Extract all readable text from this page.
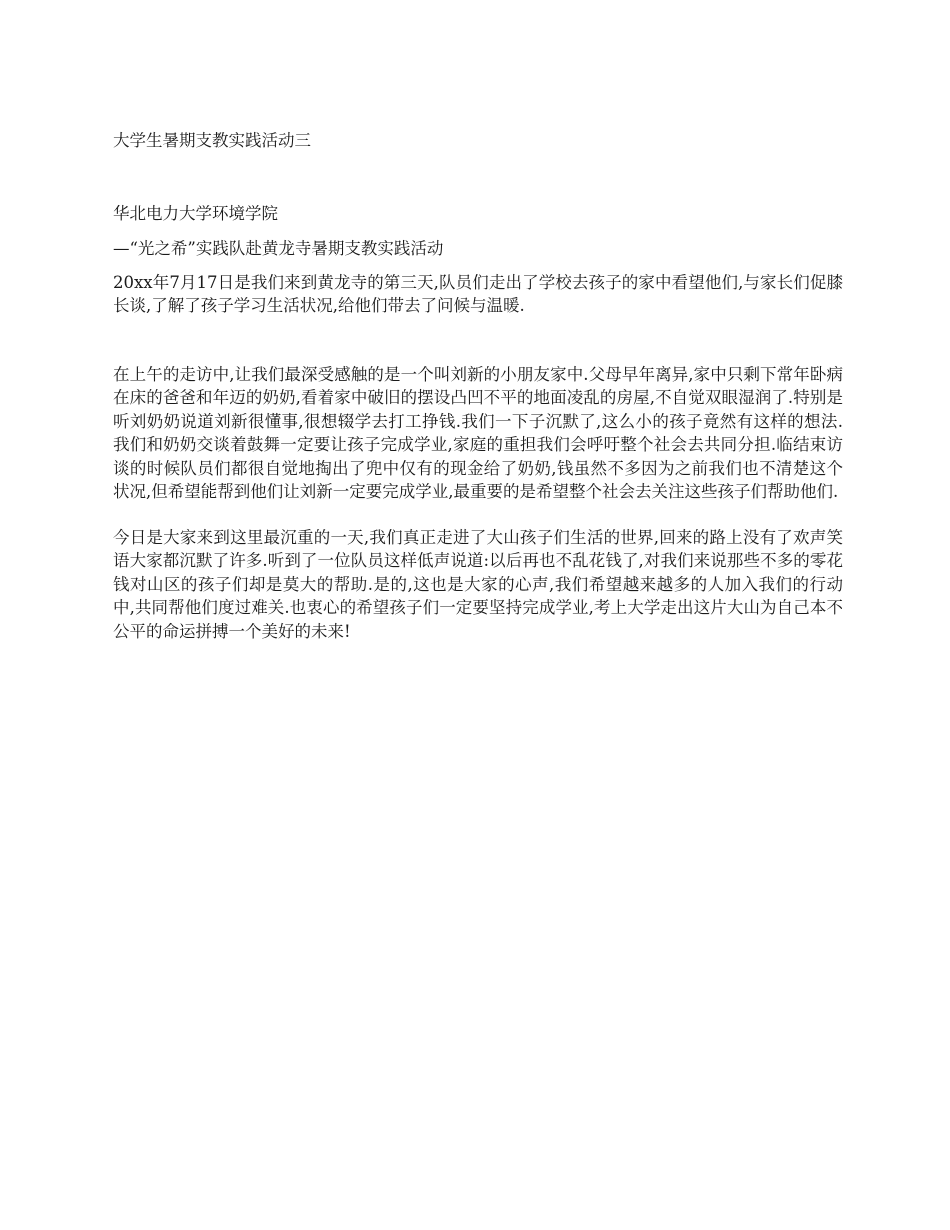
大学生暑期支教实践活动三
华北电力大学环境学院
—“光之希”实践队赴黄龙寺暑期支教实践活动
20xx年7月17日是我们来到黄龙寺的第三天,队员们走出了学校去孩子的家中看望他们,与家长们促膝长谈,了解了孩子学习生活状况,给他们带去了问候与温暖.
在上午的走访中,让我们最深受感触的是一个叫刘新的小朋友家中.父母早年离异,家中只剩下常年卧病在床的爸爸和年迈的奶奶,看着家中破旧的摆设凸凹不平的地面凌乱的房屋,不自觉双眼湿润了.特别是听刘奶奶说道刘新很懂事,很想辍学去打工挣钱.我们一下子沉默了,这么小的孩子竟然有这样的想法.我们和奶奶交谈着鼓舞一定要让孩子完成学业,家庭的重担我们会呼吁整个社会去共同分担.临结束访谈的时候队员们都很自觉地掏出了兜中仅有的现金给了奶奶,钱虽然不多因为之前我们也不清楚这个状况,但希望能帮到他们让刘新一定要完成学业,最重要的是希望整个社会去关注这些孩子们帮助他们.
今日是大家来到这里最沉重的一天,我们真正走进了大山孩子们生活的世界,回来的路上没有了欢声笑语大家都沉默了许多.听到了一位队员这样低声说道:以后再也不乱花钱了,对我们来说那些不多的零花钱对山区的孩子们却是莫大的帮助.是的,这也是大家的心声,我们希望越来越多的人加入我们的行动中,共同帮他们度过难关.也衷心的希望孩子们一定要坚持完成学业,考上大学走出这片大山为自己本不公平的命运拼搏一个美好的未来!
